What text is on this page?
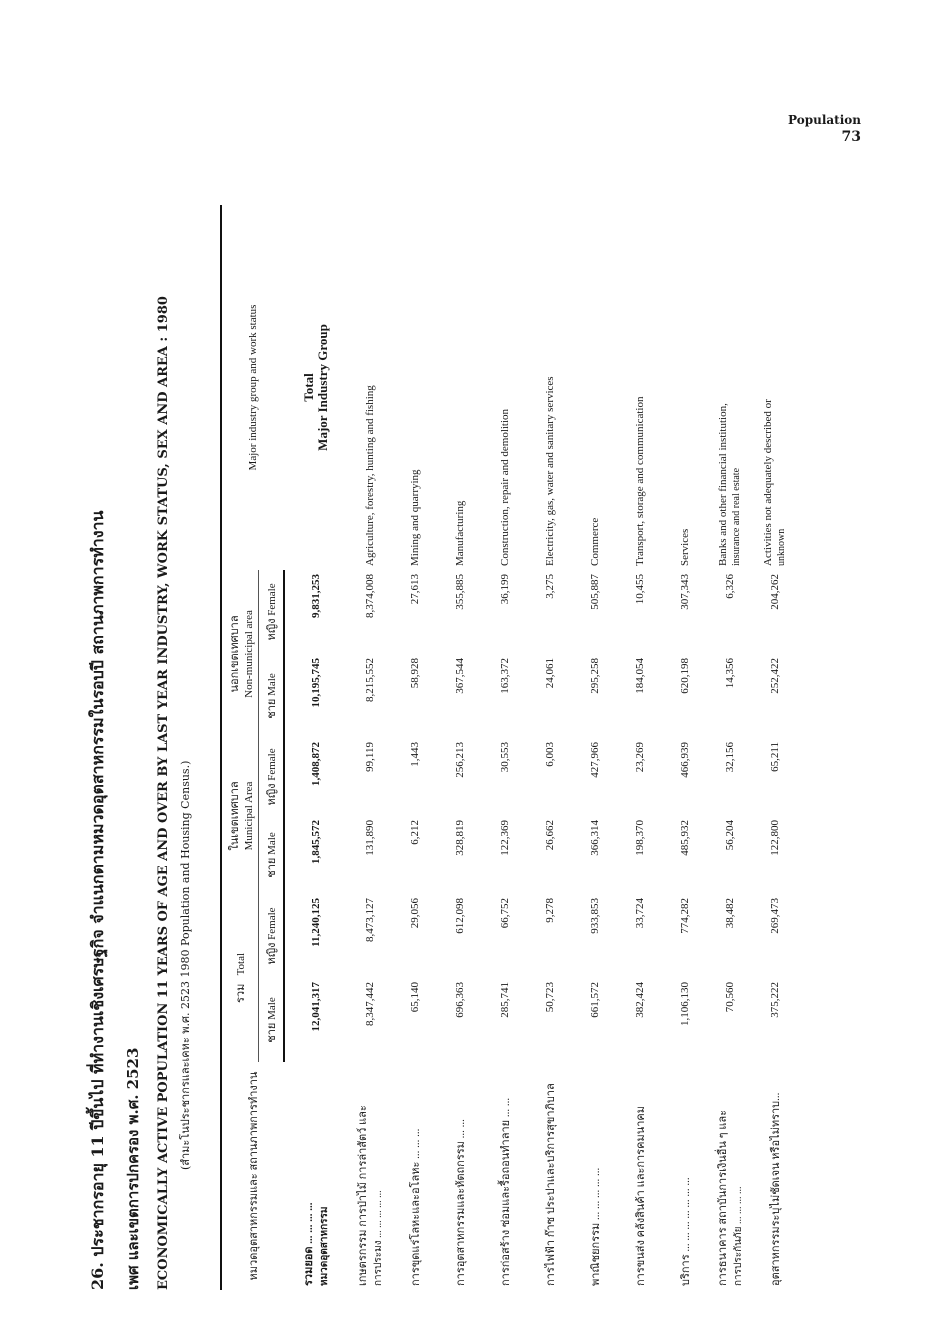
Population
73
26. ประชากรอายุ 11 ปีขึ้นไป ที่ทำงานเชิงเศรษฐกิจ จำแนกตามหมวดอุตสาหกรรมในรอบปี สถานภาพการทำงาน เพศ และเขตการปกครอง พ.ศ. 2523 ECONOMICALLY ACTIVE POPULATION 11 YEARS OF AGE AND OVER BY LAST YEAR INDUSTRY, WORK STATUS, SEX AND AREA : 1980 (สำมะโนประชากรและเคหะ พ.ศ. 2523 1980 Population and Housing Census.)
หมวดอุตสาหกรรมและ สถานภาพการทำงาน	รวม   Total		ในเขตเทศบาล Municipal Area		นอกเขตเทศบาล Non-municipal area		Major industry group and work status
	ชาย Male	หญิง Female	ชาย Male	หญิง Female	ชาย Male	หญิง Female	
รวมยอด ... ... ... ... หมวดอุตสาหกรรม	12,041,317	11,240,125	1,845,572	1,408,872	10,195,745	9,831,253	Total Major Industry Group

เกษตรกรรม การป่าไม้ การล่าสัตว์ และ การประมง ... ... ... ... ...	8,347,442	8,473,127	131,890	99,119	8,215,552	8,374,008	Agriculture, forestry, hunting and fishing

การขุดแร่โลหะและอโลหะ ... ... ...	65,140	29,056	6,212	1,443	58,928	27,613	Mining and quarrying

การอุตสาหกรรมและหัตถกรรม ... ...	696,363	612,098	328,819	256,213	367,544	355,885	Manufacturing

การก่อสร้าง ซ่อมและรื้อถอนทำลาย ... ...	285,741	66,752	122,369	30,553	163,372	36,199	Construction, repair and demolition

การไฟฟ้า ก๊าซ ประปาและบริการสุขาภิบาล	50,723	9,278	26,662	6,003	24,061	3,275	Electricity, gas, water and sanitary services

พาณิชยกรรม ... ... ... ... ...	661,572	933,853	366,314	427,966	295,258	505,887	Commerce

การขนส่ง คลังสินค้า และการคมนาคม	382,424	33,724	198,370	23,269	184,054	10,455	Transport, storage and communication

บริการ ... ... ... ... ... ... ...	1,106,130	774,282	485,932	466,939	620,198	307,343	Services

การธนาคาร สถาบันการเงินอื่น ๆ และ การประกันภัย ... ... ... ...	70,560	38,482	56,204	32,156	14,356	6,326	Banks and other financial institution, insurance and real estate

อุตสาหกรรมระบุไม่ชัดเจน หรือไม่ทราบ...	375,222	269,473	122,800	65,211	252,422	204,262	Activities not adequately described or unknown
